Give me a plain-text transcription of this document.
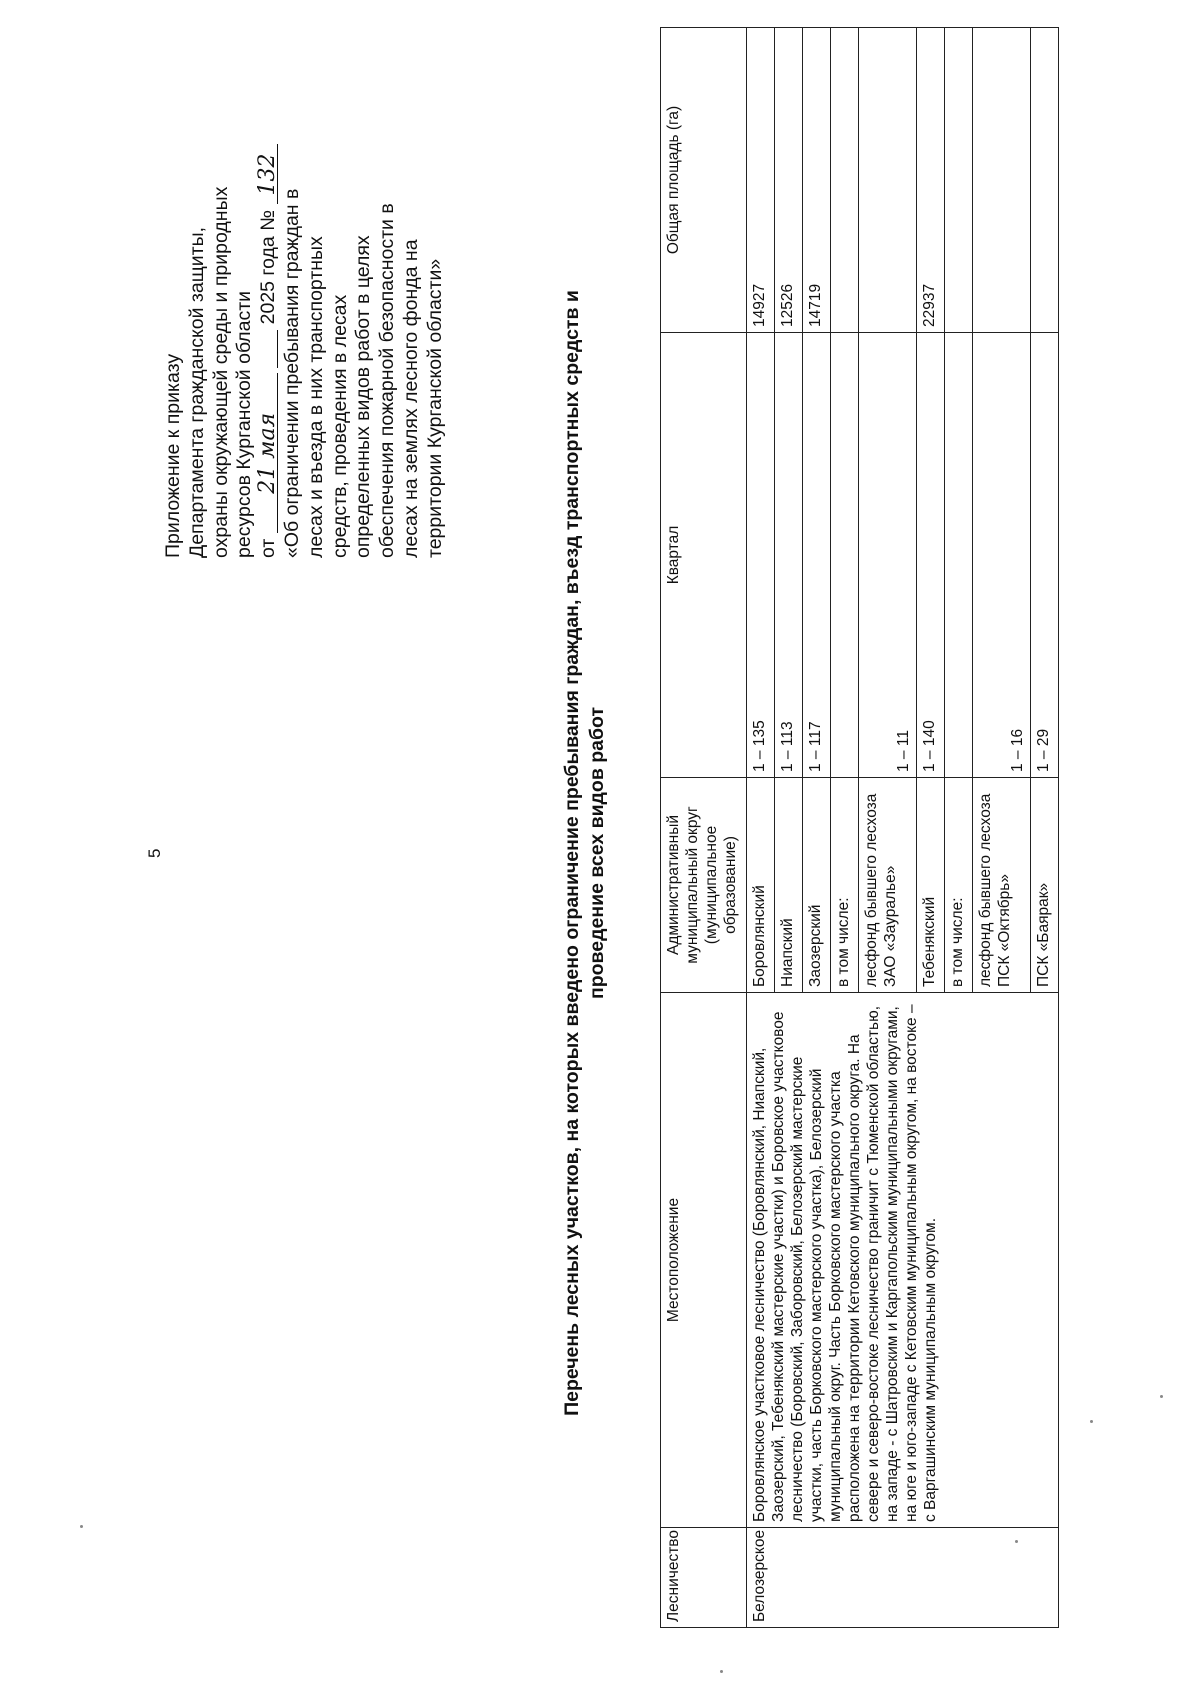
5
Приложение к приказу Департамента гражданской защиты, охраны окружающей среды и природных ресурсов Курганской области от 21 мая   2025 года № 132
«Об ограничении пребывания граждан в лесах и въезда в них транспортных средств, проведения в лесах определенных видов работ в целях обеспечения пожарной безопасности в лесах на землях лесного фонда на территории Курганской области»	Перечень лесных участков, на которых введено ограничение пребывания граждан, въезд транспортных средств и проведение всех видов работ
Лесничество	Местоположение	Административный муниципальный округ (муниципальное образование)	Квартал	Общая площадь (га)
Белозерское	Боровлянское участковое лесничество (Боровлянский, Ниапский, Заозерский, Тебенякский мастерские участки) и Боровское участковое лесничество (Боровский, Заборовский, Белозерский мастерские участки, часть Борковского мастерского участка), Белозерский муниципальный округ. Часть Борковского мастерского участка расположена на территории Кетовского муниципального округа. На севере и северо-востоке лесничество граничит с Тюменской областью, на западе - с Шатровским и Каргапольским муниципальными округами, на юге и юго-западе с Кетовским муниципальным округом, на востоке – с Варгашинским муниципальным округом.	Боровлянский	1 – 135	14927
		Ниапский	1 – 113	12526
		Заозерский	1 – 117	14719
		в том числе:		
		лесфонд бывшего лесхоза ЗАО «Зауралье»	1 – 11	
		Тебенякский	1 – 140	22937
		в том числе:		
		лесфонд бывшего лесхоза ПСК «Октябрь»	1 – 16	
		ПСК «Баярак»	1 – 29	
